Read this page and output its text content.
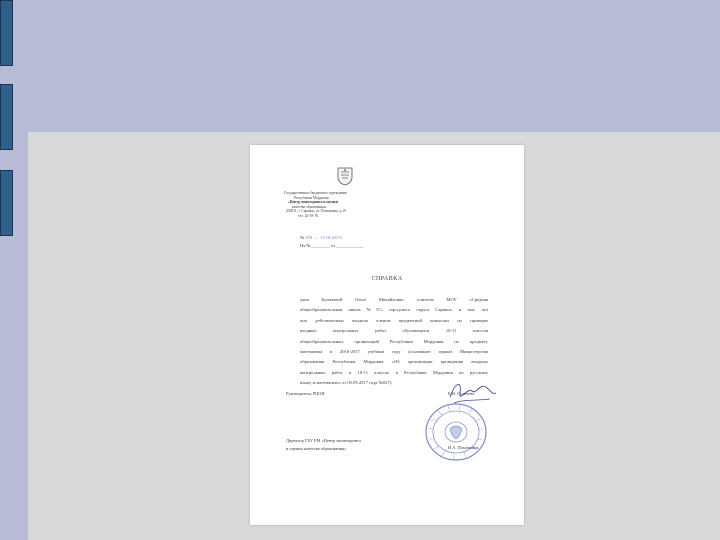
Государственное бюджетное учреждение
Республики Мордовия
«Центр мониторинга и оценки
качества образования»
430011, г. Саранск, ул. Полежаева, д.29
тел. 24-39-76
№ 470   –  13.10.2017г.
На № ________ от ____________
СПРАВКА
дана Боличевой Ольге Михайловне, учителю МОУ «Средняя
общеобразовательная школа №37» городского округа Саранск, в том, что
она действительно входила членом предметной комиссии по проверке
входных контрольных работ обучающихся 10-11 классов
общеобразовательных организаций Республики Мордовия по предмету
математика в 2016-2017 учебном году (основание: приказ Министерства
образования Республики Мордовия «Об организации проведения входных
контрольных работ в 10-11 классах в Республике Мордовия по русскому
языку и математике» от 05.09.2017 года №827).
Руководитель РЦОИ	Е.Н. Галичева
Директор ГБУ РМ «Центр мониторинга
и оценки качества образования»	Н.А. Пахомкина
